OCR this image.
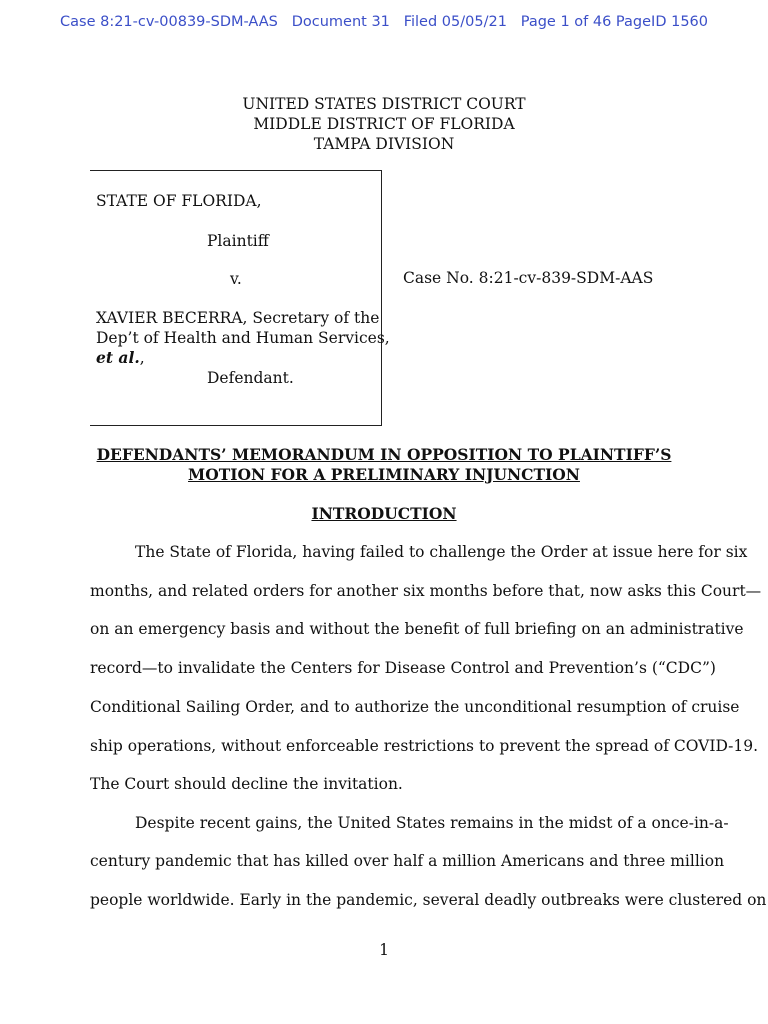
Case 8:21-cv-00839-SDM-AAS   Document 31   Filed 05/05/21   Page 1 of 46 PageID 1560
UNITED STATES DISTRICT COURT
MIDDLE DISTRICT OF FLORIDA
TAMPA DIVISION
STATE OF FLORIDA,
Plaintiff
v.
XAVIER BECERRA, Secretary of the
Dep’t of Health and Human Services,
et al.,
Defendant.
Case No. 8:21-cv-839-SDM-AAS
DEFENDANTS’ MEMORANDUM IN OPPOSITION TO PLAINTIFF’S
MOTION FOR A PRELIMINARY INJUNCTION
INTRODUCTION
The State of Florida, having failed to challenge the Order at issue here for six
months, and related orders for another six months before that, now asks this Court—
on an emergency basis and without the benefit of full briefing on an administrative
record—to invalidate the Centers for Disease Control and Prevention’s (“CDC”)
Conditional Sailing Order, and to authorize the unconditional resumption of cruise
ship operations, without enforceable restrictions to prevent the spread of COVID-19.
The Court should decline the invitation.
Despite recent gains, the United States remains in the midst of a once-in-a-
century pandemic that has killed over half a million Americans and three million
people worldwide. Early in the pandemic, several deadly outbreaks were clustered on
1
